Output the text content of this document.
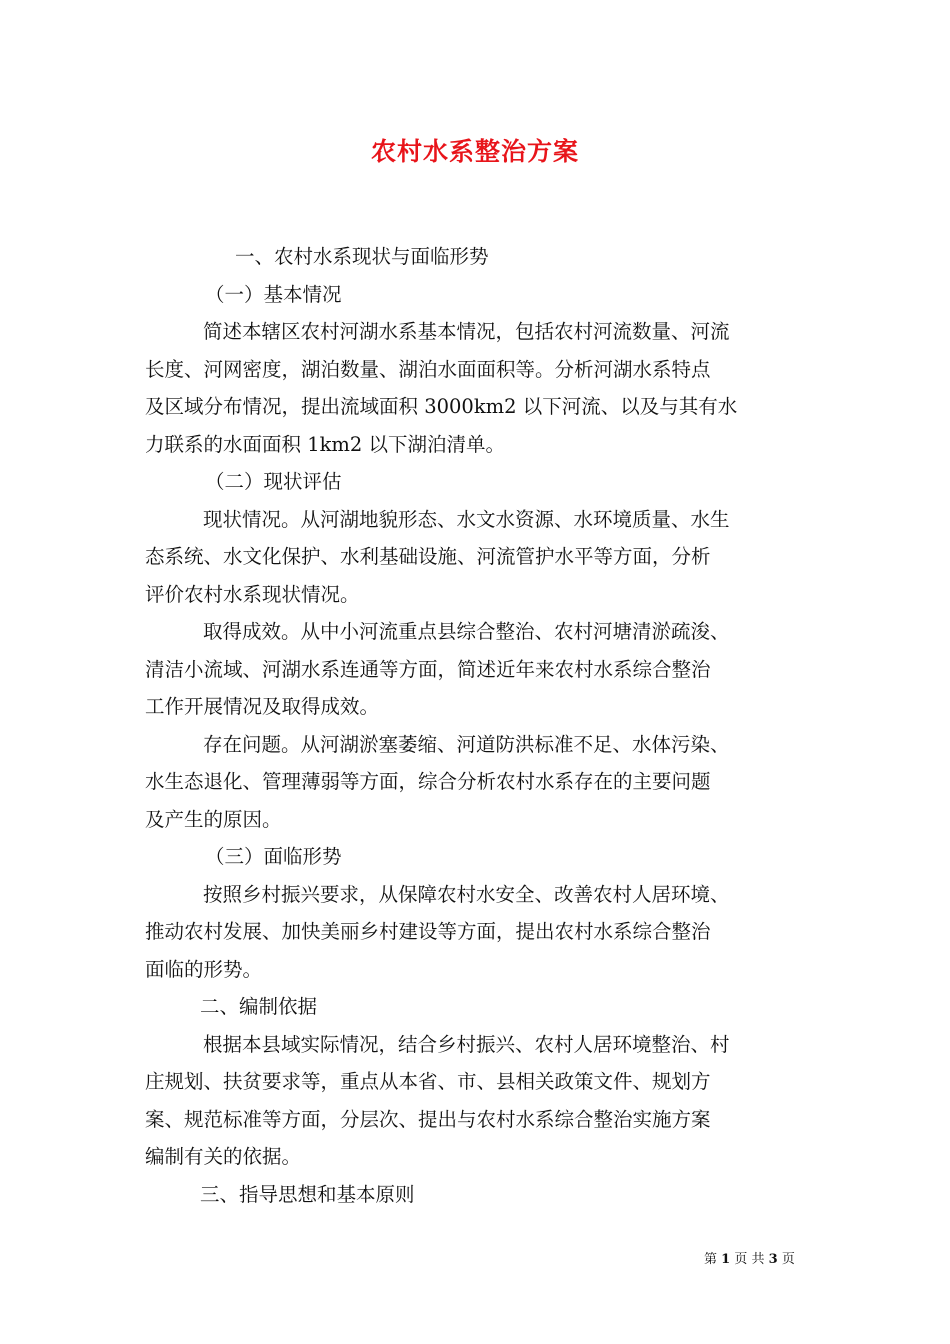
农村水系整治方案
一、农村水系现状与面临形势
（一）基本情况
简述本辖区农村河湖水系基本情况，包括农村河流数量、河流
长度、河网密度，湖泊数量、湖泊水面面积等。分析河湖水系特点
及区域分布情况，提出流域面积 3000km2 以下河流、以及与其有水
力联系的水面面积 1km2 以下湖泊清单。
（二）现状评估
现状情况。从河湖地貌形态、水文水资源、水环境质量、水生
态系统、水文化保护、水利基础设施、河流管护水平等方面，分析
评价农村水系现状情况。
取得成效。从中小河流重点县综合整治、农村河塘清淤疏浚、
清洁小流域、河湖水系连通等方面，简述近年来农村水系综合整治
工作开展情况及取得成效。
存在问题。从河湖淤塞萎缩、河道防洪标准不足、水体污染、
水生态退化、管理薄弱等方面，综合分析农村水系存在的主要问题
及产生的原因。
（三）面临形势
按照乡村振兴要求，从保障农村水安全、改善农村人居环境、
推动农村发展、加快美丽乡村建设等方面，提出农村水系综合整治
面临的形势。
二、编制依据
根据本县域实际情况，结合乡村振兴、农村人居环境整治、村
庄规划、扶贫要求等，重点从本省、市、县相关政策文件、规划方
案、规范标准等方面，分层次、提出与农村水系综合整治实施方案
编制有关的依据。
三、指导思想和基本原则
第 1 页 共 3 页
